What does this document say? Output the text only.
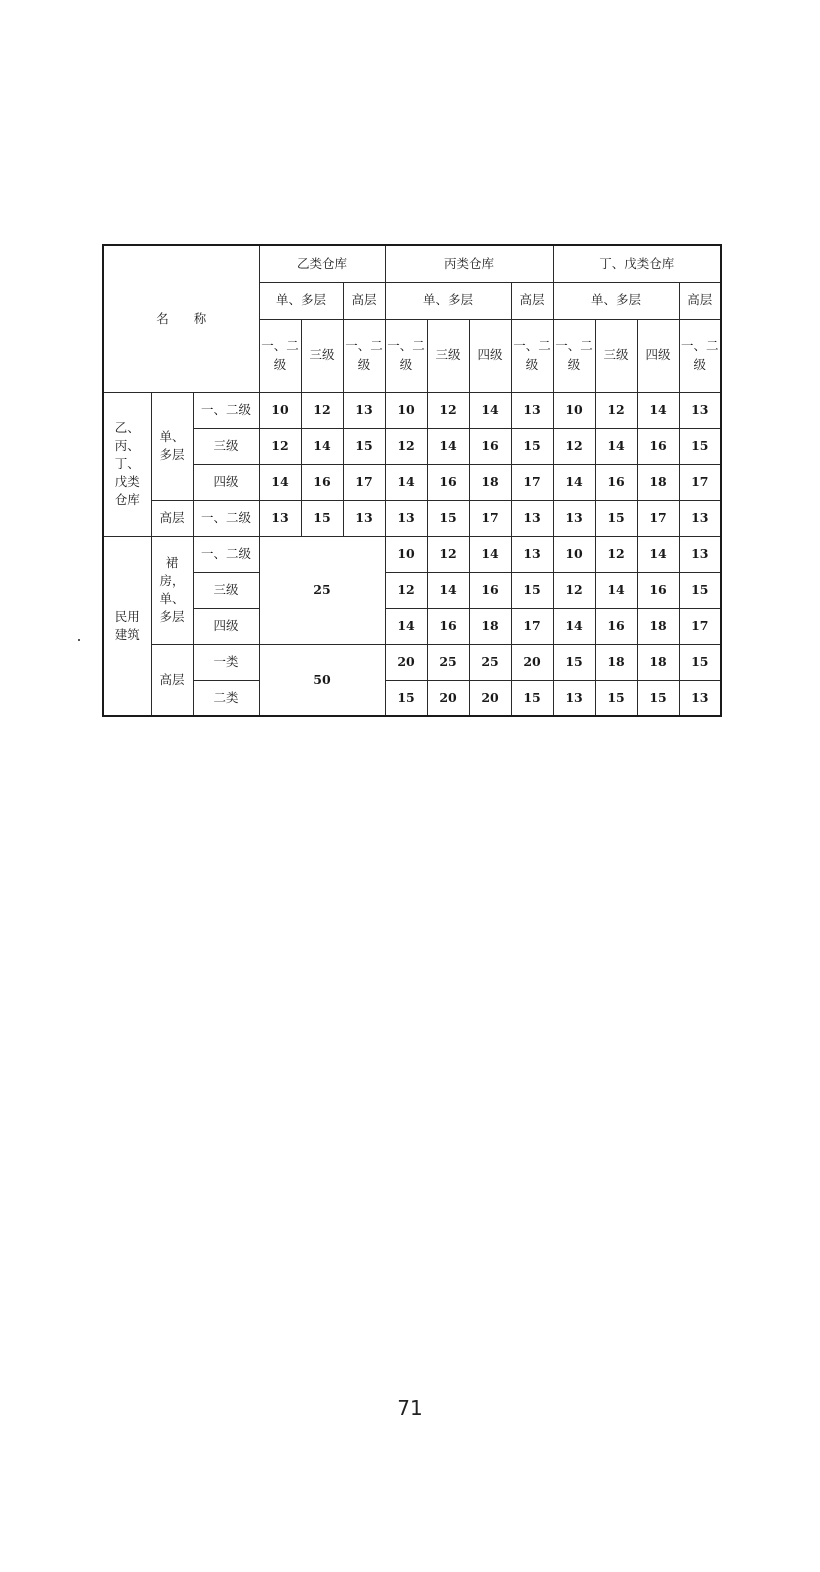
名　　称			乙类仓库			丙类仓库				丁、戊类仓库			
			单、多层		高层	单、多层			高层	单、多层			高层
			一、二级	三级	一、二级	一、二级	三级	四级	一、二级	一、二级	三级	四级	一、二级
乙、丙、丁、戊类仓库	单、多层	一、二级	10	12	13	10	12	14	13	10	12	14	13
		三级	12	14	15	12	14	16	15	12	14	16	15
		四级	14	16	17	14	16	18	17	14	16	18	17
	高层	一、二级	13	15	13	13	15	17	13	13	15	17	13
民用建筑	裙房，单、多层	一、二级	25			10	12	14	13	10	12	14	13
		三级				12	14	16	15	12	14	16	15
		四级				14	16	18	17	14	16	18	17
	高层	一类	50			20	25	25	20	15	18	18	15
		二类				15	20	20	15	13	15	15	13
71
